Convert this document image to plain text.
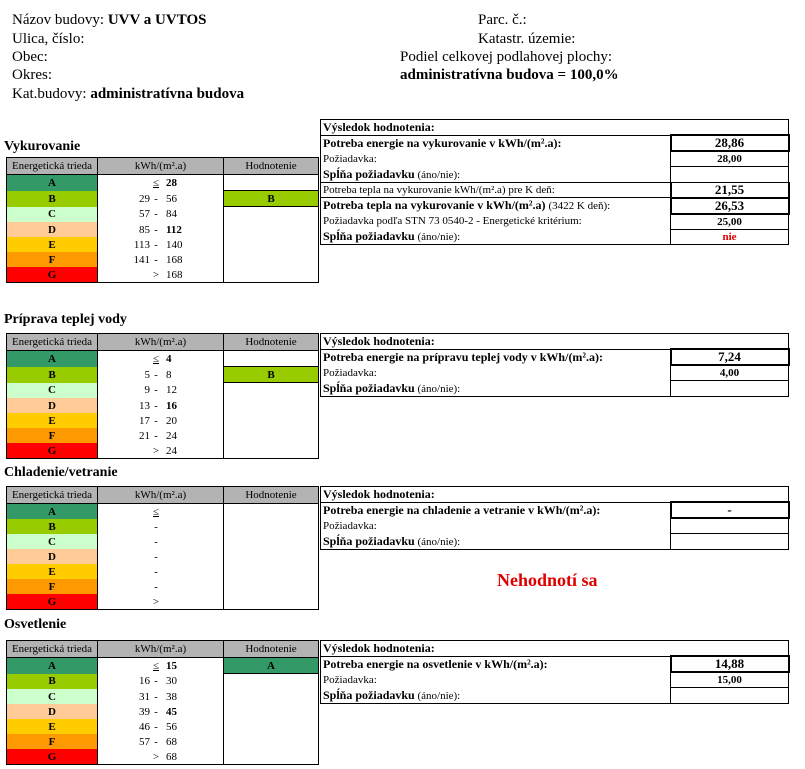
Názov budovy: UVV a UVTOS
Ulica, číslo:
Obec:
Okres:
Kat.budovy: administratívna budova
Parc. č.:
Katastr. územie:
Podiel celkovej podlahovej plochy:
administratívna budova = 100,0%
Vykurovanie
Energetická trieda	kWh/(m².a)	Hodnotenie
A	≤ 28	
B	29 - 56	B
C	57 - 84	
D	85 - 112	
E	113 - 140	
F	141 - 168	
G	> 168	
Výsledok hodnotenia:	
Potreba energie na vykurovanie v kWh/(m².a):	28,86
Požiadavka:	28,00
Spĺňa požiadavku (áno/nie):	
Potreba tepla na vykurovanie kWh/(m².a) pre K deň:	21,55
Potreba tepla na vykurovanie v kWh/(m².a) (3422 K deň):	26,53
Požiadavka podľa STN 73 0540-2 - Energetické kritérium:	25,00
Spĺňa požiadavku (áno/nie):	nie
Príprava teplej vody
Energetická trieda	kWh/(m².a)	Hodnotenie
A	≤ 4	
B	5 - 8	B
C	9 - 12	
D	13 - 16	
E	17 - 20	
F	21 - 24	
G	> 24	
Výsledok hodnotenia:	
Potreba energie na prípravu teplej vody v kWh/(m².a):	7,24
Požiadavka:	4,00
Spĺňa požiadavku (áno/nie):	
Chladenie/vetranie
Energetická trieda	kWh/(m².a)	Hodnotenie
A	≤	
B	-	
C	-	
D	-	
E	-	
F	-	
G	>	
Výsledok hodnotenia:	
Potreba energie na chladenie a vetranie v kWh/(m².a):	-
Požiadavka:	
Spĺňa požiadavku (áno/nie):	
Nehodnotí sa
Osvetlenie
Energetická trieda	kWh/(m².a)	Hodnotenie
A	≤ 15	A
B	16 - 30	
C	31 - 38	
D	39 - 45	
E	46 - 56	
F	57 - 68	
G	> 68	
Výsledok hodnotenia:	
Potreba energie na osvetlenie v kWh/(m².a):	14,88
Požiadavka:	15,00
Spĺňa požiadavku (áno/nie):	
